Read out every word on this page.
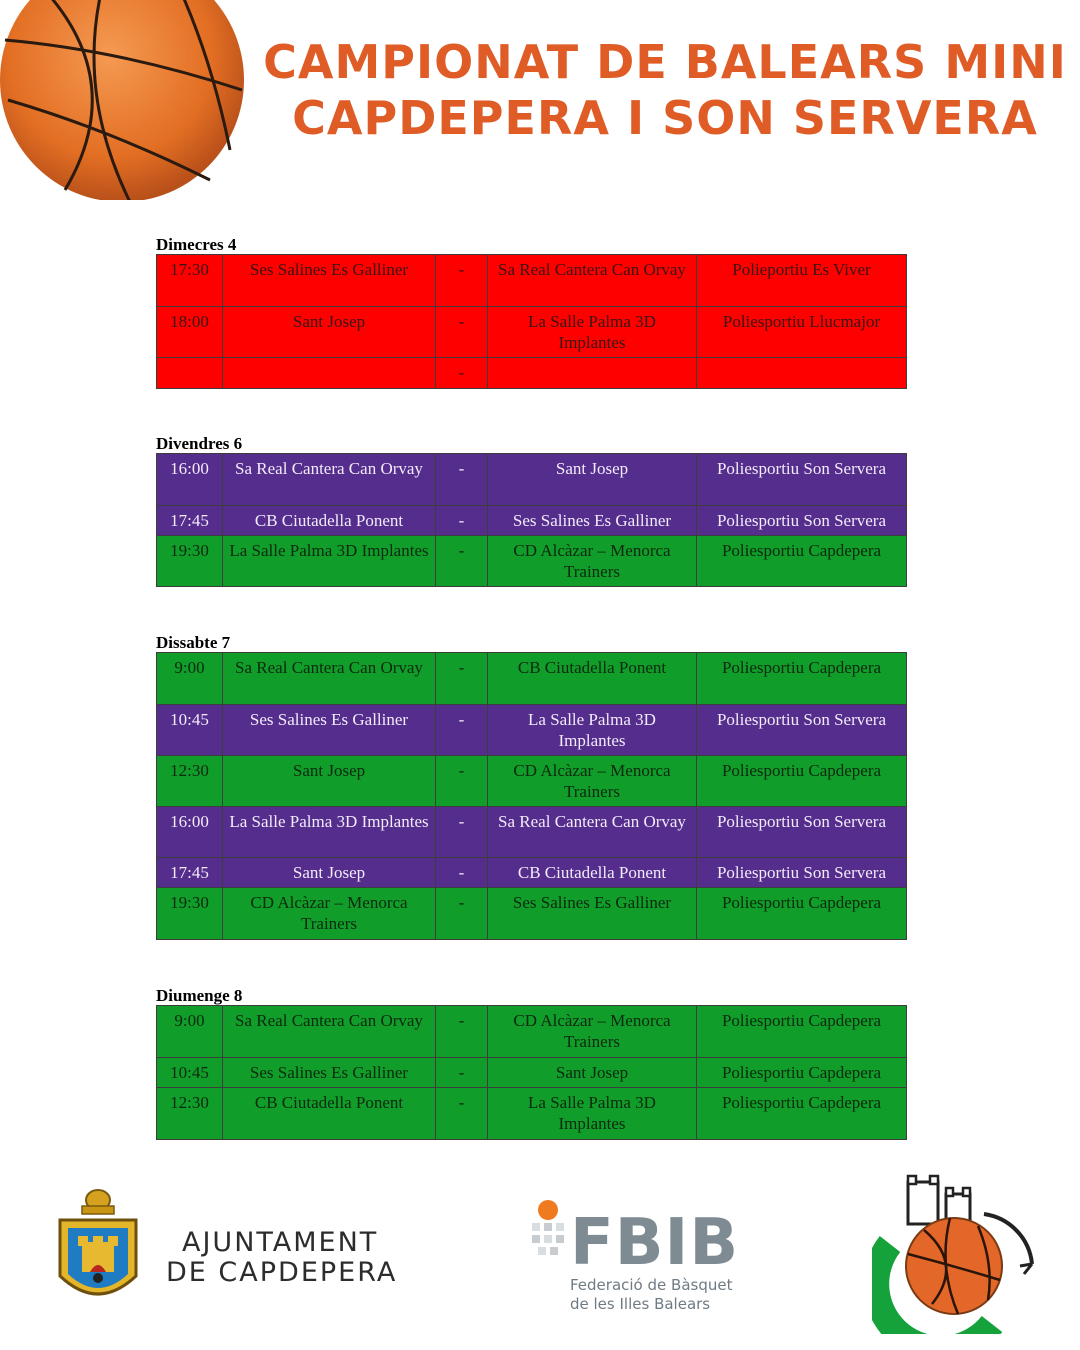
CAMPIONAT DE BALEARS MINI
CAPDEPERA I SON SERVERA
Dimecres 4
17:30	Ses Salines Es Galliner	-	Sa Real Cantera Can Orvay	Polieportiu Es Viver
18:00	Sant Josep	-	La Salle Palma 3D Implantes	Poliesportiu Llucmajor
		-		
Divendres 6
16:00	Sa Real Cantera Can Orvay	-	Sant Josep	Poliesportiu Son Servera
17:45	CB Ciutadella Ponent	-	Ses Salines Es Galliner	Poliesportiu Son Servera
19:30	La Salle Palma 3D Implantes	-	CD Alcàzar – Menorca Trainers	Poliesportiu Capdepera
Dissabte 7
9:00	Sa Real Cantera Can Orvay	-	CB Ciutadella Ponent	Poliesportiu Capdepera
10:45	Ses Salines Es Galliner	-	La Salle Palma 3D Implantes	Poliesportiu Son Servera
12:30	Sant Josep	-	CD Alcàzar – Menorca Trainers	Poliesportiu Capdepera
16:00	La Salle Palma 3D Implantes	-	Sa Real Cantera Can Orvay	Poliesportiu Son Servera
17:45	Sant Josep	-	CB Ciutadella Ponent	Poliesportiu Son Servera
19:30	CD Alcàzar – Menorca Trainers	-	Ses Salines Es Galliner	Poliesportiu Capdepera
Diumenge 8
9:00	Sa Real Cantera Can Orvay	-	CD Alcàzar – Menorca Trainers	Poliesportiu Capdepera
10:45	Ses Salines Es Galliner	-	Sant Josep	Poliesportiu Capdepera
12:30	CB Ciutadella Ponent	-	La Salle Palma 3D Implantes	Poliesportiu Capdepera
AJUNTAMENT
DE CAPDEPERA	FBIB
Federació de Bàsquet
de les Illes Balears
